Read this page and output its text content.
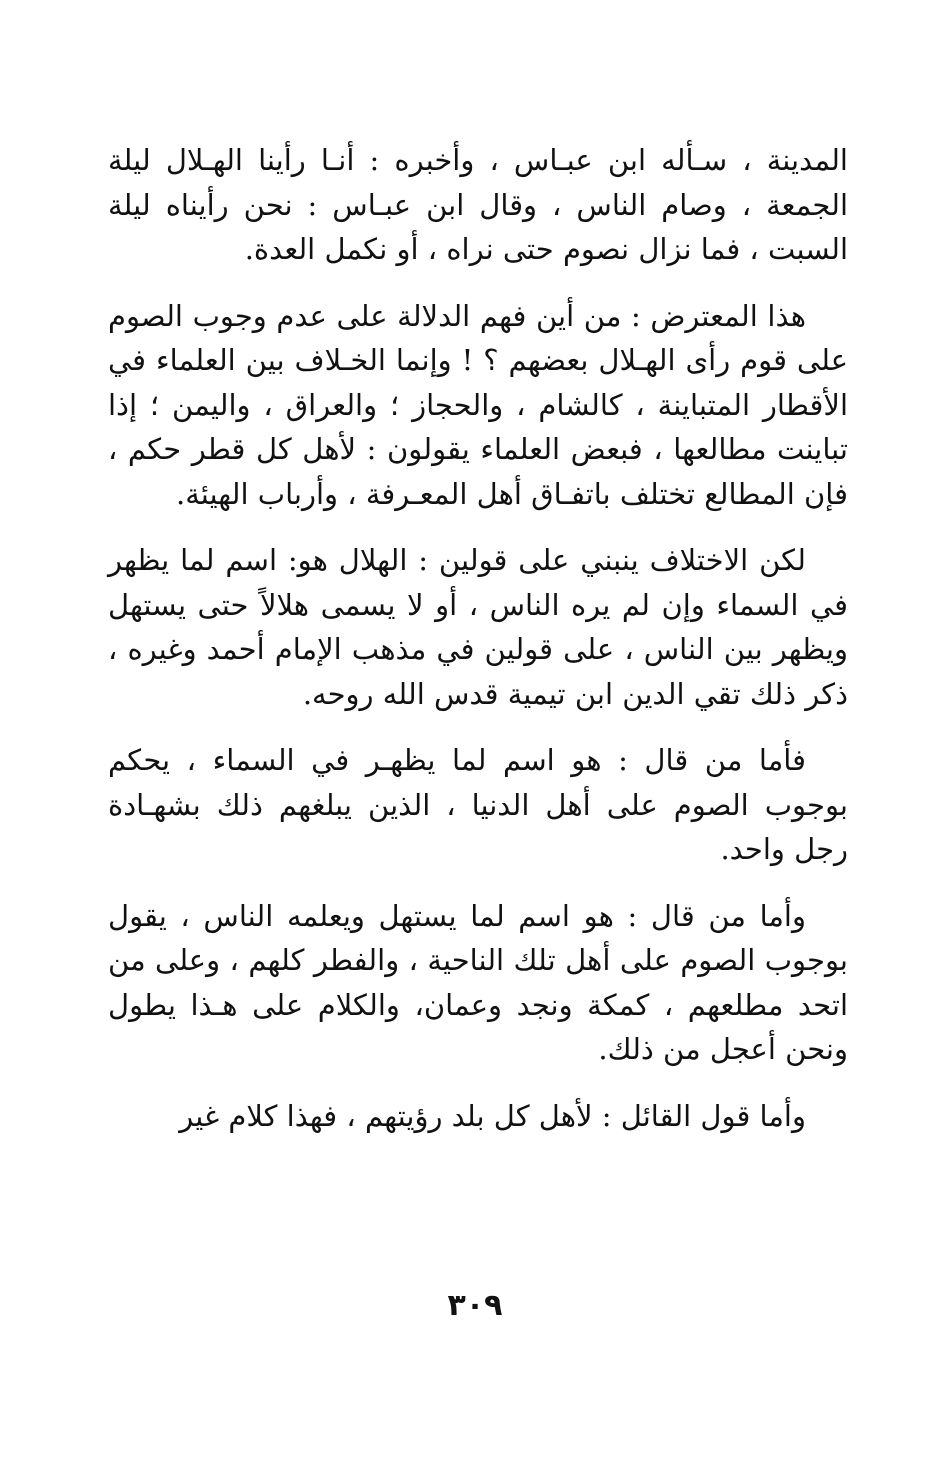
المدينة ، سـأله ابن عبـاس ، وأخبره : أنـا رأينا الهـلال ليلة الجمعة ، وصام الناس ، وقال ابن عبـاس : نحن رأيناه ليلة السبت ، فما نزال نصوم حتى نراه ، أو نكمل العدة.

هذا المعترض : من أين فهم الدلالة على عدم وجوب الصوم على قوم رأى الهـلال بعضهم ؟ ! وإنما الخـلاف بين العلماء في الأقطار المتباينة ، كالشام ، والحجاز ؛ والعراق ، واليمن ؛ إذا تباينت مطالعها ، فبعض العلماء يقولون : لأهل كل قطر حكم ، فإن المطالع تختلف باتفـاق أهل المعـرفة ، وأرباب الهيئة.

لكن الاختلاف ينبني على قولين : الهلال هو: اسم لما يظهر في السماء وإن لم يره الناس ، أو لا يسمى هلالاً حتى يستهل ويظهر بين الناس ، على قولين في مذهب الإمام أحمد وغيره ، ذكر ذلك تقي الدين ابن تيمية قدس الله روحه.

فأما من قال : هو اسم لما يظهـر في السماء ، يحكم بوجوب الصوم على أهل الدنيا ، الذين يبلغهم ذلك بشهـادة رجل واحد.

وأما من قال : هو اسم لما يستهل ويعلمه الناس ، يقول بوجوب الصوم على أهل تلك الناحية ، والفطر كلهم ، وعلى من اتحد مطلعهم ، كمكة ونجد وعمان، والكلام على هـذا يطول ونحن أعجل من ذلك.

وأما قول القائل : لأهل كل بلد رؤيتهم ، فهذا كلام غير

٣٠٩
